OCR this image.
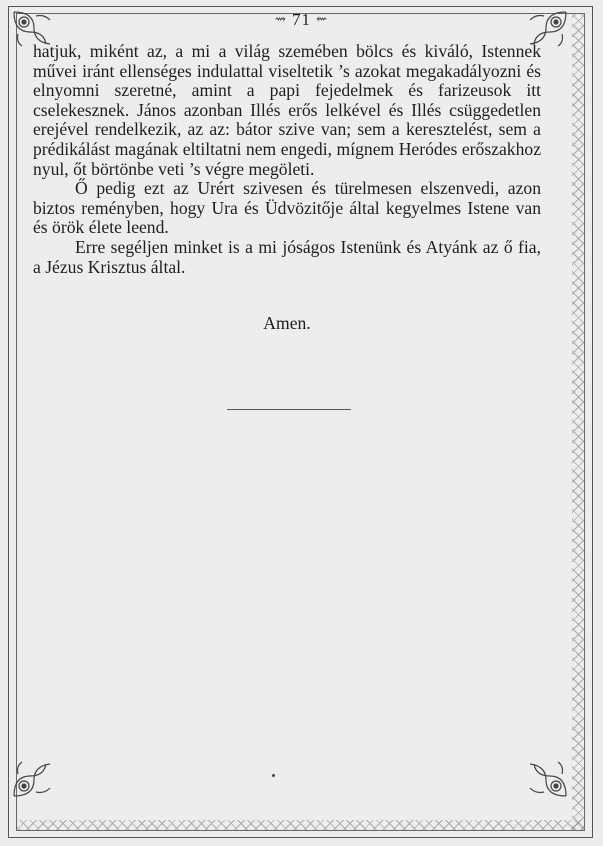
⇝ 71 ⇜

hatjuk, miként az, a mi a világ szemében bölcs és kiváló, Istennek művei iránt ellenséges indulattal viseltetik ’s azokat megakadályozni és elnyomni szeretné, amint a papi fejedelmek és farizeusok itt cselekesznek. János azonban Illés erős lelkével és Illés csüggedetlen erejével rendelkezik, az az: bátor szive van; sem a keresztelést, sem a prédikálást magának eltiltatni nem engedi, mígnem Heródes erőszakhoz nyul, őt börtönbe veti ’s végre megöleti.

Ő pedig ezt az Urért szivesen és türelmesen elszenvedi, azon biztos reményben, hogy Ura és Üdvözitője által kegyelmes Istene van és örök élete leend.

Erre segéljen minket is a mi jóságos Istenünk és Atyánk az ő fia, a Jézus Krisztus által.

Amen.
